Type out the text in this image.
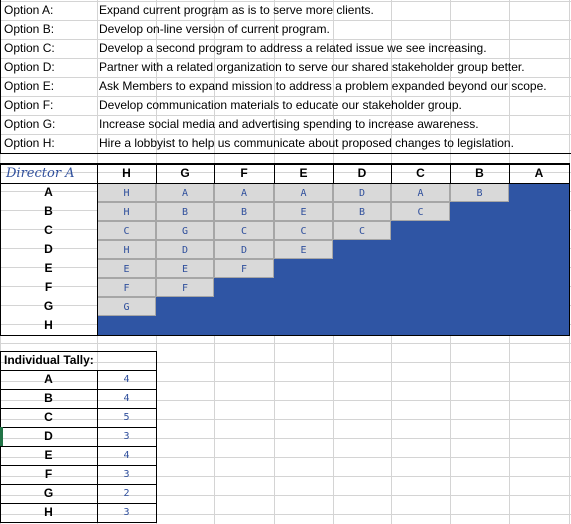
Option A:	Expand current program as is to serve more clients.
Option B:	Develop on-line version of current program.
Option C:	Develop a second program to address a related issue we see increasing.
Option D:	Partner with a related organization to serve our shared stakeholder group better.
Option E:	Ask Members to expand mission to address a problem expanded beyond our scope.
Option F:	Develop communication materials to educate our stakeholder group.
Option G:	Increase social media and advertising spending to increase awareness.
Option H:	Hire a lobbyist to help us communicate about proposed changes to legislation.
Director A	H	G	F	E	D	C	B	A
A	H	A	A	A	D	A	B
B	H	B	B	E	B	C
C	C	G	C	C	C
D	H	D	D	E
E	E	E	F
F	F	F
G	G
H
Individual Tally:
A	4
B	4
C	5
D	3
E	4
F	3
G	2
H	3
